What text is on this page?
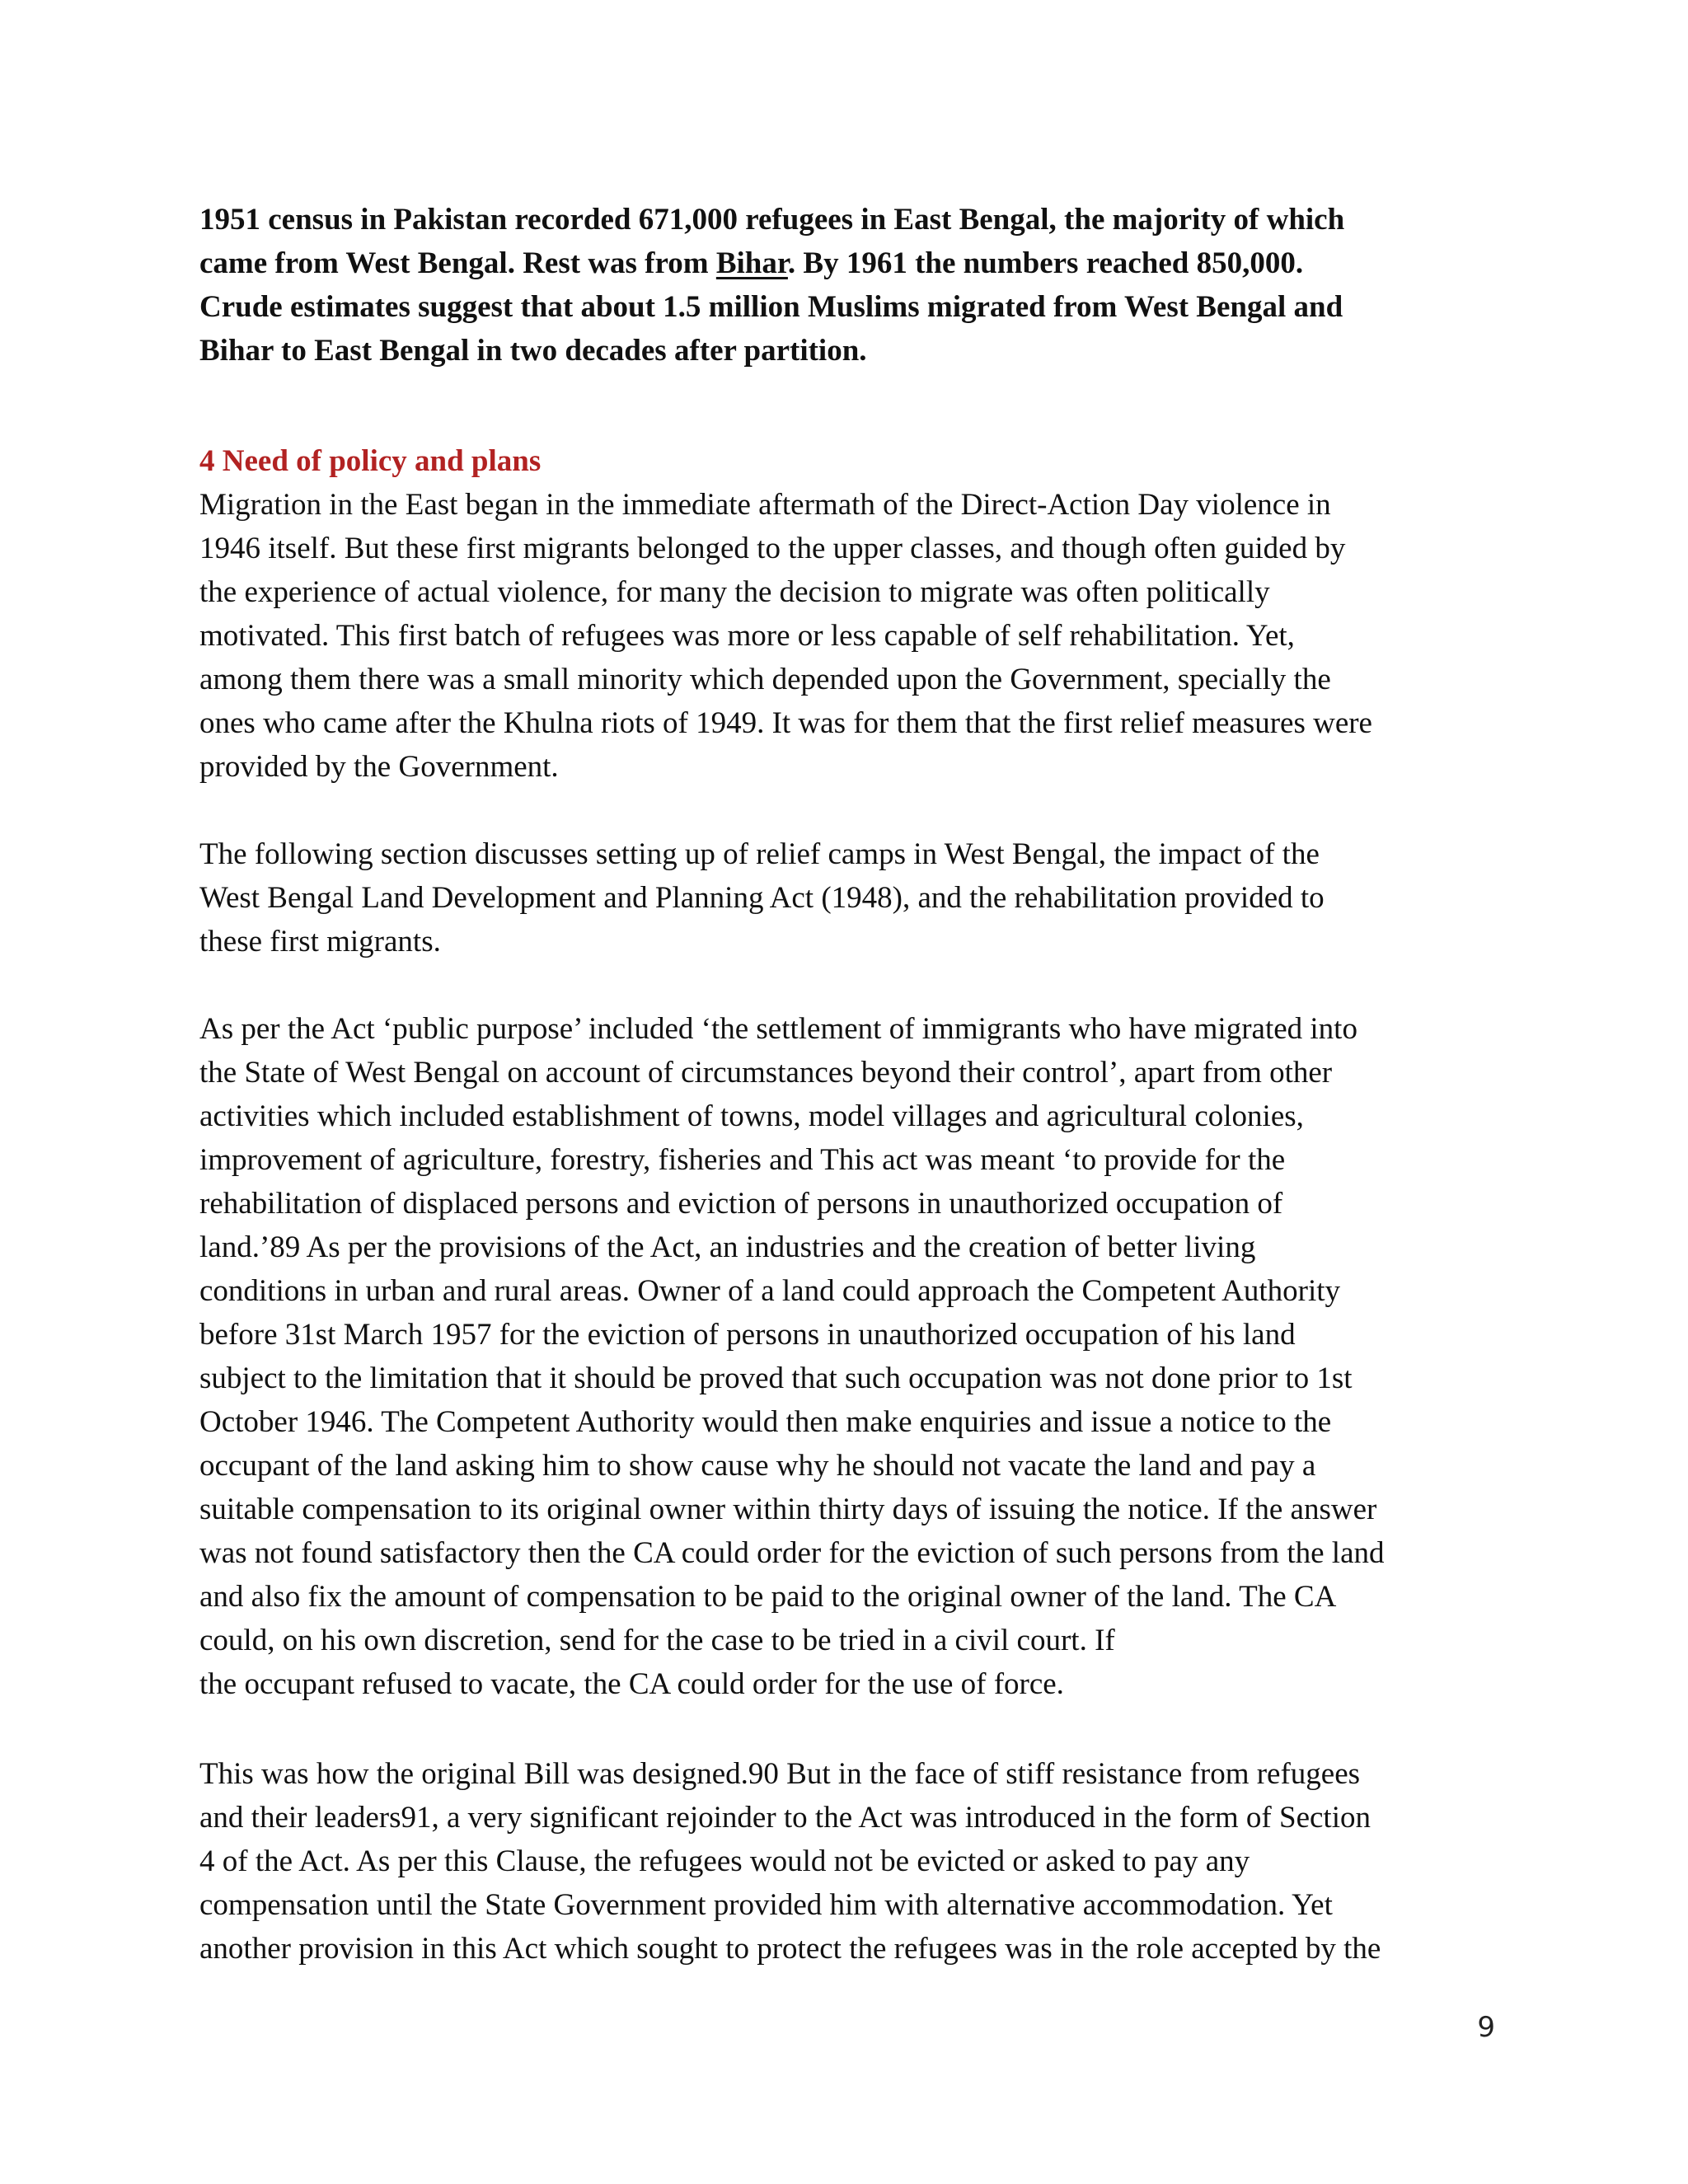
1951 census in Pakistan recorded 671,000 refugees in East Bengal, the majority of which
came from West Bengal. Rest was from Bihar. By 1961 the numbers reached 850,000.
Crude estimates suggest that about 1.5 million Muslims migrated from West Bengal and
Bihar to East Bengal in two decades after partition.
4 Need of policy and plans
Migration in the East began in the immediate aftermath of the Direct-Action Day violence in
1946 itself. But these first migrants belonged to the upper classes, and though often guided by
the experience of actual violence, for many the decision to migrate was often politically
motivated. This first batch of refugees was more or less capable of self rehabilitation. Yet,
among them there was a small minority which depended upon the Government, specially the
ones who came after the Khulna riots of 1949. It was for them that the first relief measures were
provided by the Government.
The following section discusses setting up of relief camps in West Bengal, the impact of the
West Bengal Land Development and Planning Act (1948), and the rehabilitation provided to
these first migrants.
As per the Act ‘public purpose’ included ‘the settlement of immigrants who have migrated into
the State of West Bengal on account of circumstances beyond their control’, apart from other
activities which included establishment of towns, model villages and agricultural colonies,
improvement of agriculture, forestry, fisheries and This act was meant ‘to provide for the
rehabilitation of displaced persons and eviction of persons in unauthorized occupation of
land.’89 As per the provisions of the Act, an industries and the creation of better living
conditions in urban and rural areas. Owner of a land could approach the Competent Authority
before 31st March 1957 for the eviction of persons in unauthorized occupation of his land
subject to the limitation that it should be proved that such occupation was not done prior to 1st
October 1946. The Competent Authority would then make enquiries and issue a notice to the
occupant of the land asking him to show cause why he should not vacate the land and pay a
suitable compensation to its original owner within thirty days of issuing the notice. If the answer
was not found satisfactory then the CA could order for the eviction of such persons from the land
and also fix the amount of compensation to be paid to the original owner of the land. The CA
could, on his own discretion, send for the case to be tried in a civil court. If
the occupant refused to vacate, the CA could order for the use of force.
This was how the original Bill was designed.90 But in the face of stiff resistance from refugees
and their leaders91, a very significant rejoinder to the Act was introduced in the form of Section
4 of the Act. As per this Clause, the refugees would not be evicted or asked to pay any
compensation until the State Government provided him with alternative accommodation. Yet
another provision in this Act which sought to protect the refugees was in the role accepted by the
9
